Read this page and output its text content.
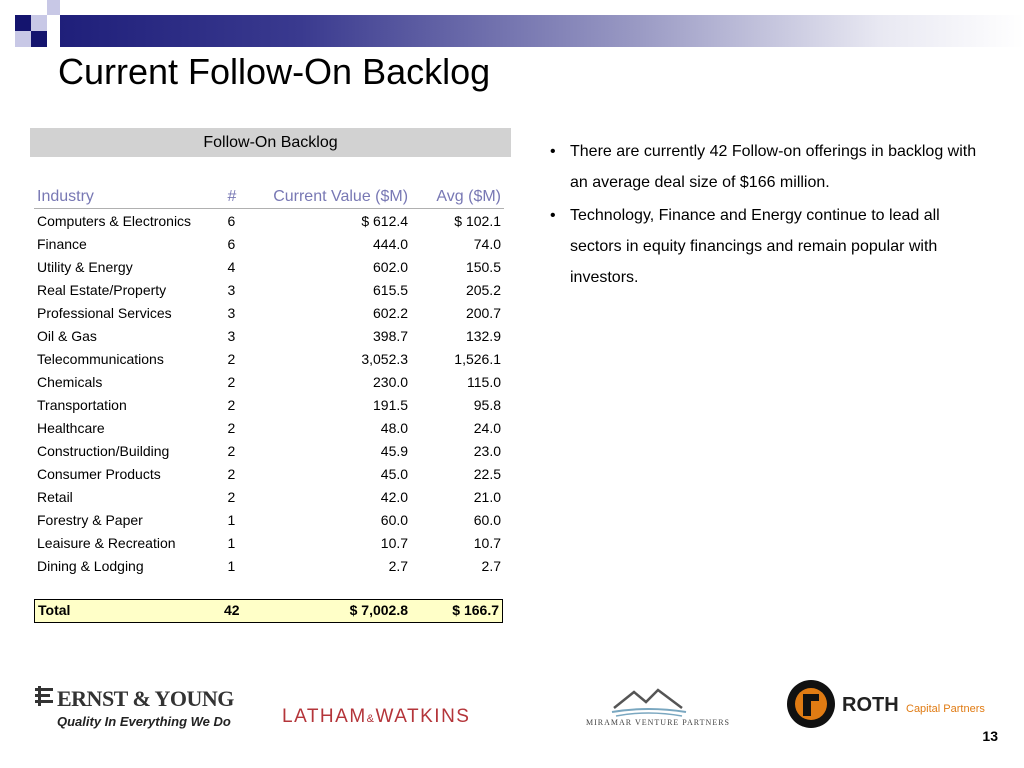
Current Follow-On Backlog
Follow-On Backlog
Industry	#	Current Value ($M)	Avg ($M)
Computers & Electronics	6	$ 612.4	$ 102.1
Finance	6	444.0	74.0
Utility & Energy	4	602.0	150.5
Real Estate/Property	3	615.5	205.2
Professional Services	3	602.2	200.7
Oil & Gas	3	398.7	132.9
Telecommunications	2	3,052.3	1,526.1
Chemicals	2	230.0	115.0
Transportation	2	191.5	95.8
Healthcare	2	48.0	24.0
Construction/Building	2	45.9	23.0
Consumer Products	2	45.0	22.5
Retail	2	42.0	21.0
Forestry & Paper	1	60.0	60.0
Leaisure & Recreation	1	10.7	10.7
Dining & Lodging	1	2.7	2.7
Total	42	$ 7,002.8	$ 166.7
• There are currently 42 Follow-on offerings in backlog with an average deal size of $166 million.
• Technology, Finance and Energy continue to lead all sectors in equity financings and remain popular with investors.
ERNST & YOUNG
Quality In Everything We Do	LATHAM&WATKINS	MIRAMAR VENTURE PARTNERS
ROTH Capital Partners
13
